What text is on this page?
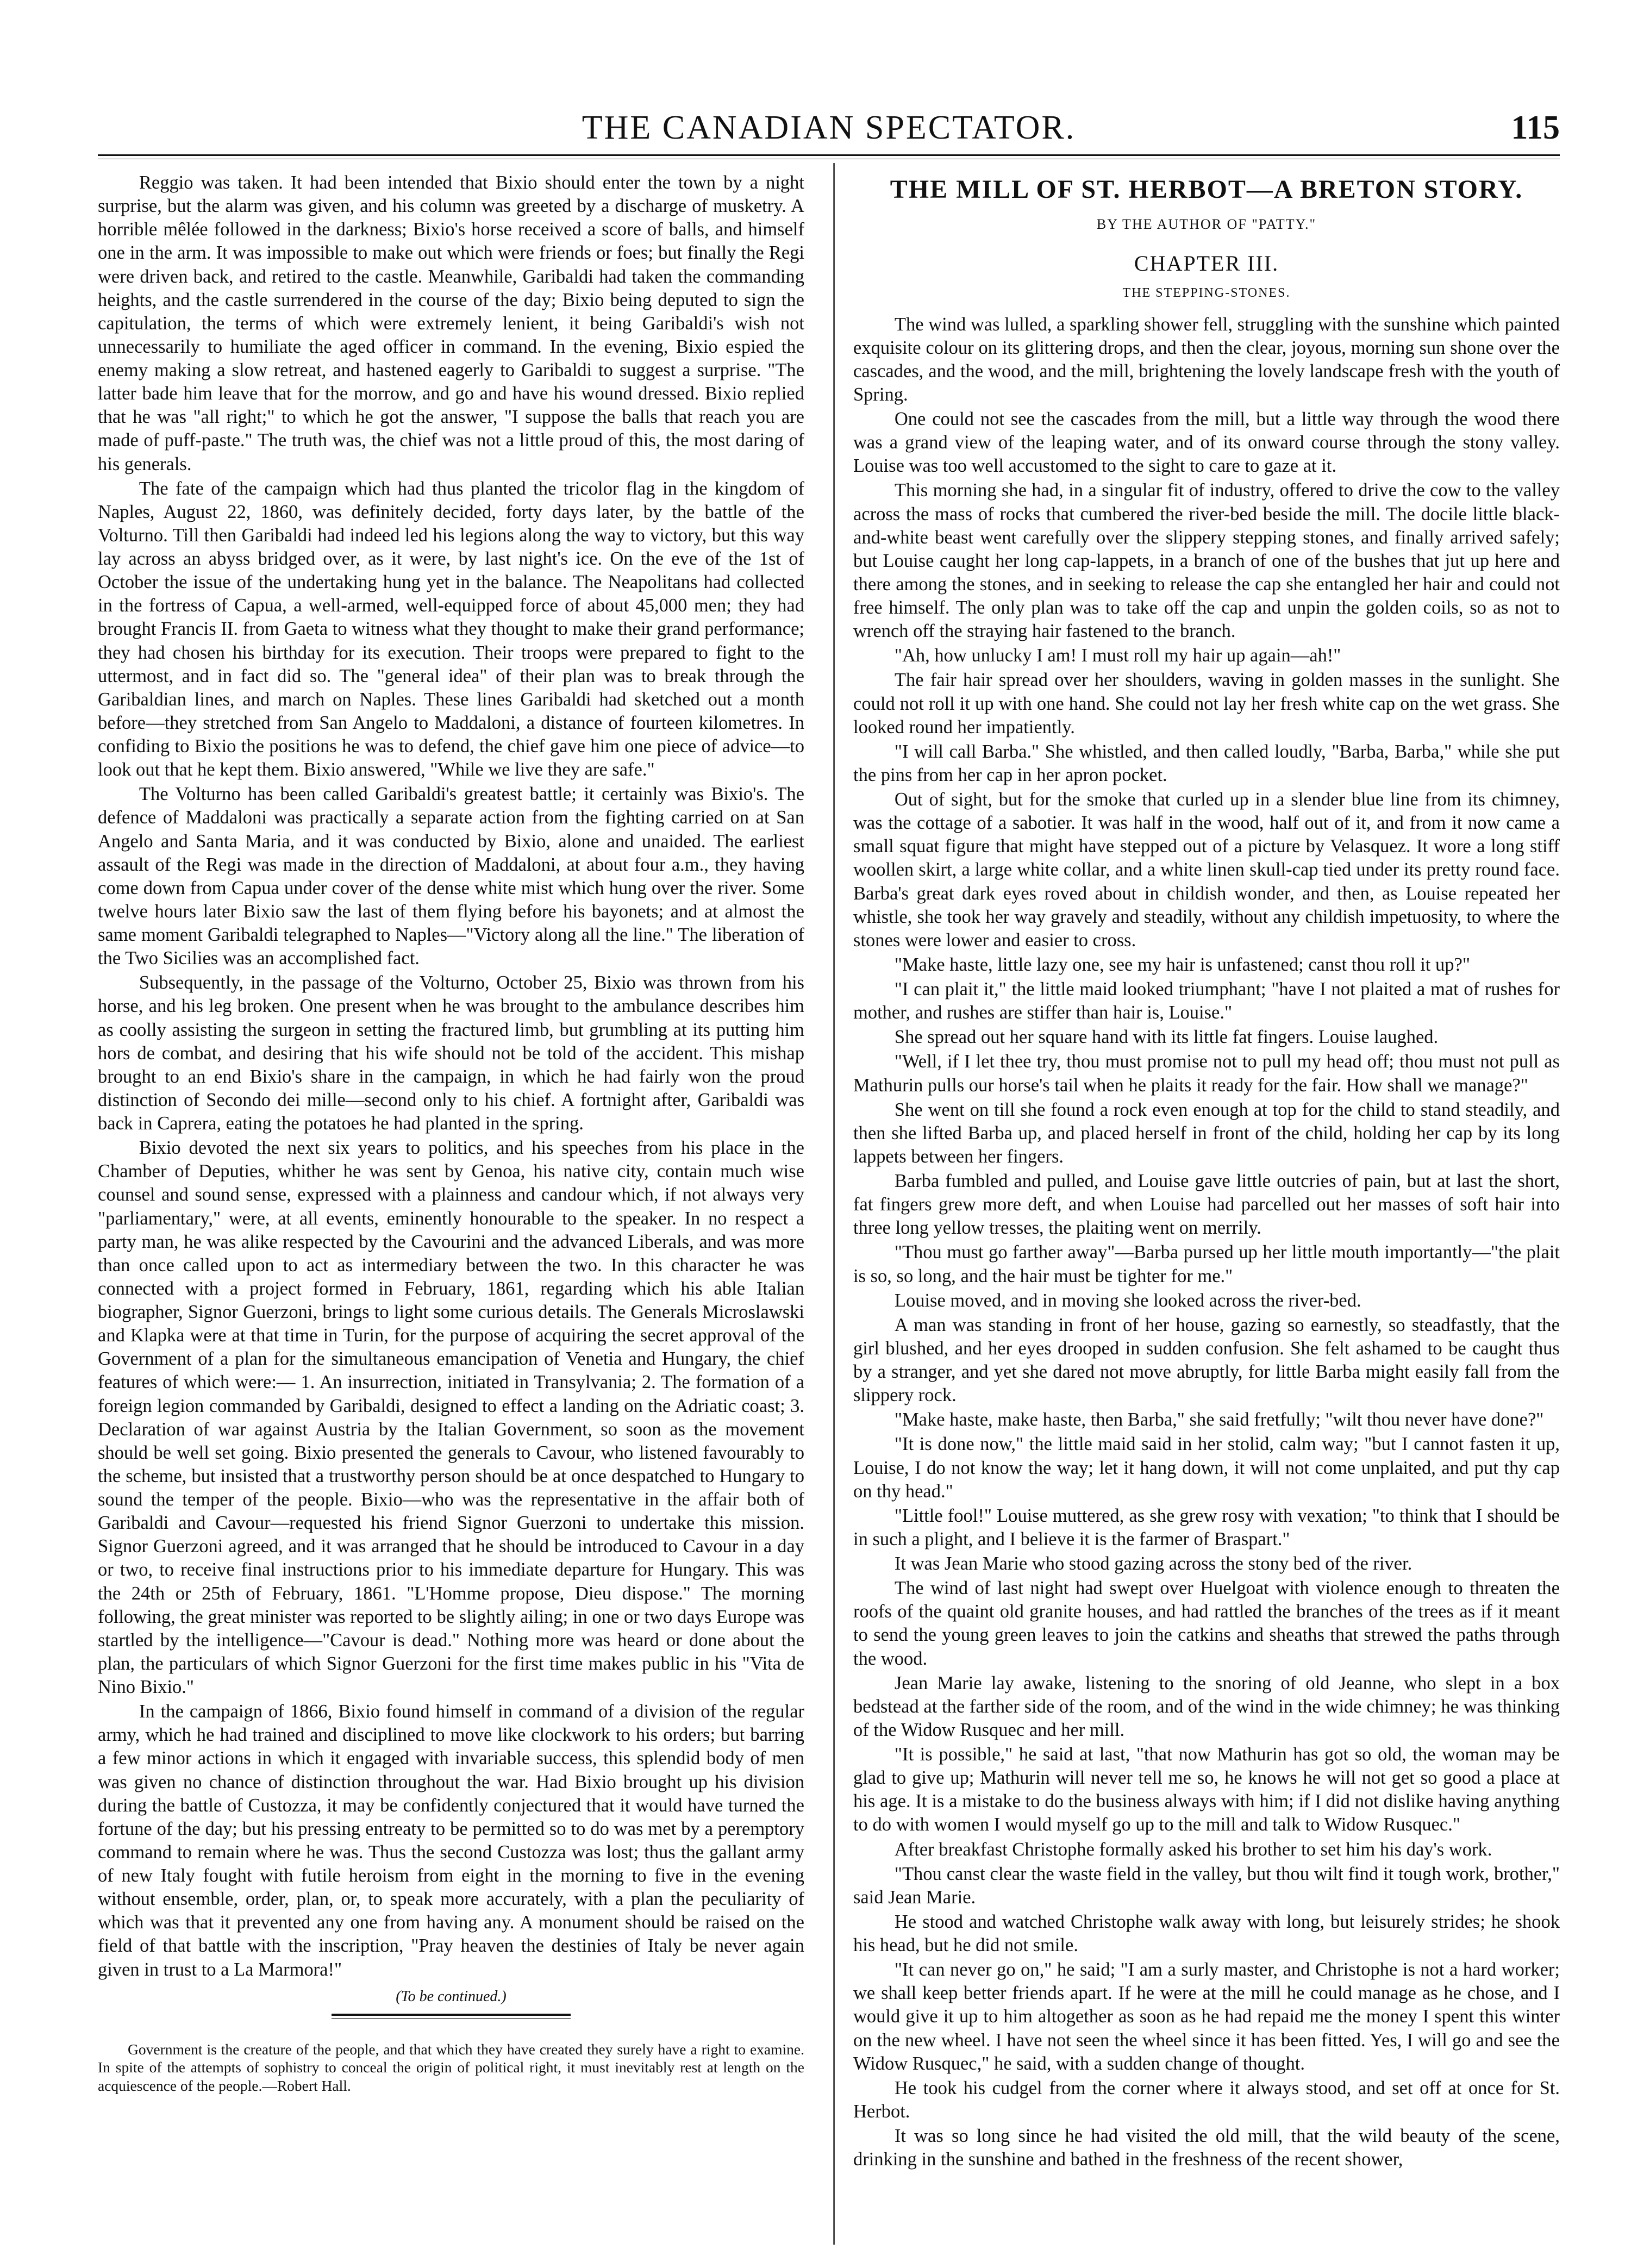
THE CANADIAN SPECTATOR.	115

Reggio was taken. It had been intended that Bixio should enter the town by a night surprise, but the alarm was given, and his column was greeted by a discharge of musketry. A horrible mêlée followed in the darkness; Bixio's horse received a score of balls, and himself one in the arm. It was impossible to make out which were friends or foes; but finally the Regi were driven back, and retired to the castle. Meanwhile, Garibaldi had taken the commanding heights, and the castle surrendered in the course of the day; Bixio being deputed to sign the capitulation, the terms of which were extremely lenient, it being Garibaldi's wish not unnecessarily to humiliate the aged officer in command. In the evening, Bixio espied the enemy making a slow retreat, and hastened eagerly to Garibaldi to suggest a surprise. "The latter bade him leave that for the morrow, and go and have his wound dressed. Bixio replied that he was "all right;" to which he got the answer, "I suppose the balls that reach you are made of puff-paste." The truth was, the chief was not a little proud of this, the most daring of his generals.

The fate of the campaign which had thus planted the tricolor flag in the kingdom of Naples, August 22, 1860, was definitely decided, forty days later, by the battle of the Volturno. Till then Garibaldi had indeed led his legions along the way to victory, but this way lay across an abyss bridged over, as it were, by last night's ice. On the eve of the 1st of October the issue of the undertaking hung yet in the balance. The Neapolitans had collected in the fortress of Capua, a well-armed, well-equipped force of about 45,000 men; they had brought Francis II. from Gaeta to witness what they thought to make their grand performance; they had chosen his birthday for its execution. Their troops were prepared to fight to the uttermost, and in fact did so. The "general idea" of their plan was to break through the Garibaldian lines, and march on Naples. These lines Garibaldi had sketched out a month before—they stretched from San Angelo to Maddaloni, a distance of fourteen kilometres. In confiding to Bixio the positions he was to defend, the chief gave him one piece of advice—to look out that he kept them. Bixio answered, "While we live they are safe."

The Volturno has been called Garibaldi's greatest battle; it certainly was Bixio's. The defence of Maddaloni was practically a separate action from the fighting carried on at San Angelo and Santa Maria, and it was conducted by Bixio, alone and unaided. The earliest assault of the Regi was made in the direction of Maddaloni, at about four a.m., they having come down from Capua under cover of the dense white mist which hung over the river. Some twelve hours later Bixio saw the last of them flying before his bayonets; and at almost the same moment Garibaldi telegraphed to Naples—"Victory along all the line." The liberation of the Two Sicilies was an accomplished fact.

Subsequently, in the passage of the Volturno, October 25, Bixio was thrown from his horse, and his leg broken. One present when he was brought to the ambulance describes him as coolly assisting the surgeon in setting the fractured limb, but grumbling at its putting him hors de combat, and desiring that his wife should not be told of the accident. This mishap brought to an end Bixio's share in the campaign, in which he had fairly won the proud distinction of Secondo dei mille—second only to his chief. A fortnight after, Garibaldi was back in Caprera, eating the potatoes he had planted in the spring.

Bixio devoted the next six years to politics, and his speeches from his place in the Chamber of Deputies, whither he was sent by Genoa, his native city, contain much wise counsel and sound sense, expressed with a plainness and candour which, if not always very "parliamentary," were, at all events, eminently honourable to the speaker. In no respect a party man, he was alike respected by the Cavourini and the advanced Liberals, and was more than once called upon to act as intermediary between the two. In this character he was connected with a project formed in February, 1861, regarding which his able Italian biographer, Signor Guerzoni, brings to light some curious details. The Generals Microslawski and Klapka were at that time in Turin, for the purpose of acquiring the secret approval of the Government of a plan for the simultaneous emancipation of Venetia and Hungary, the chief features of which were:— 1. An insurrection, initiated in Transylvania; 2. The formation of a foreign legion commanded by Garibaldi, designed to effect a landing on the Adriatic coast; 3. Declaration of war against Austria by the Italian Government, so soon as the movement should be well set going. Bixio presented the generals to Cavour, who listened favourably to the scheme, but insisted that a trustworthy person should be at once despatched to Hungary to sound the temper of the people. Bixio—who was the representative in the affair both of Garibaldi and Cavour—requested his friend Signor Guerzoni to undertake this mission. Signor Guerzoni agreed, and it was arranged that he should be introduced to Cavour in a day or two, to receive final instructions prior to his immediate departure for Hungary. This was the 24th or 25th of February, 1861. "L'Homme propose, Dieu dispose." The morning following, the great minister was reported to be slightly ailing; in one or two days Europe was startled by the intelligence—"Cavour is dead." Nothing more was heard or done about the plan, the particulars of which Signor Guerzoni for the first time makes public in his "Vita de Nino Bixio."

In the campaign of 1866, Bixio found himself in command of a division of the regular army, which he had trained and disciplined to move like clockwork to his orders; but barring a few minor actions in which it engaged with invariable success, this splendid body of men was given no chance of distinction throughout the war. Had Bixio brought up his division during the battle of Custozza, it may be confidently conjectured that it would have turned the fortune of the day; but his pressing entreaty to be permitted so to do was met by a peremptory command to remain where he was. Thus the second Custozza was lost; thus the gallant army of new Italy fought with futile heroism from eight in the morning to five in the evening without ensemble, order, plan, or, to speak more accurately, with a plan the peculiarity of which was that it prevented any one from having any. A monument should be raised on the field of that battle with the inscription, "Pray heaven the destinies of Italy be never again given in trust to a La Marmora!"

(To be continued.)

Government is the creature of the people, and that which they have created they surely have a right to examine. In spite of the attempts of sophistry to conceal the origin of political right, it must inevitably rest at length on the acquiescence of the people.—Robert Hall.

THE MILL OF ST. HERBOT—A BRETON STORY.
BY THE AUTHOR OF "PATTY."
CHAPTER III.
THE STEPPING-STONES.

The wind was lulled, a sparkling shower fell, struggling with the sunshine which painted exquisite colour on its glittering drops, and then the clear, joyous, morning sun shone over the cascades, and the wood, and the mill, brightening the lovely landscape fresh with the youth of Spring.

One could not see the cascades from the mill, but a little way through the wood there was a grand view of the leaping water, and of its onward course through the stony valley. Louise was too well accustomed to the sight to care to gaze at it.

This morning she had, in a singular fit of industry, offered to drive the cow to the valley across the mass of rocks that cumbered the river-bed beside the mill. The docile little black-and-white beast went carefully over the slippery stepping stones, and finally arrived safely; but Louise caught her long cap-lappets, in a branch of one of the bushes that jut up here and there among the stones, and in seeking to release the cap she entangled her hair and could not free himself. The only plan was to take off the cap and unpin the golden coils, so as not to wrench off the straying hair fastened to the branch.

"Ah, how unlucky I am! I must roll my hair up again—ah!"

The fair hair spread over her shoulders, waving in golden masses in the sunlight. She could not roll it up with one hand. She could not lay her fresh white cap on the wet grass. She looked round her impatiently.

"I will call Barba." She whistled, and then called loudly, "Barba, Barba," while she put the pins from her cap in her apron pocket.

Out of sight, but for the smoke that curled up in a slender blue line from its chimney, was the cottage of a sabotier. It was half in the wood, half out of it, and from it now came a small squat figure that might have stepped out of a picture by Velasquez. It wore a long stiff woollen skirt, a large white collar, and a white linen skull-cap tied under its pretty round face. Barba's great dark eyes roved about in childish wonder, and then, as Louise repeated her whistle, she took her way gravely and steadily, without any childish impetuosity, to where the stones were lower and easier to cross.

"Make haste, little lazy one, see my hair is unfastened; canst thou roll it up?"

"I can plait it," the little maid looked triumphant; "have I not plaited a mat of rushes for mother, and rushes are stiffer than hair is, Louise."

She spread out her square hand with its little fat fingers. Louise laughed.

"Well, if I let thee try, thou must promise not to pull my head off; thou must not pull as Mathurin pulls our horse's tail when he plaits it ready for the fair. How shall we manage?"

She went on till she found a rock even enough at top for the child to stand steadily, and then she lifted Barba up, and placed herself in front of the child, holding her cap by its long lappets between her fingers.

Barba fumbled and pulled, and Louise gave little outcries of pain, but at last the short, fat fingers grew more deft, and when Louise had parcelled out her masses of soft hair into three long yellow tresses, the plaiting went on merrily.

"Thou must go farther away"—Barba pursed up her little mouth importantly—"the plait is so, so long, and the hair must be tighter for me."

Louise moved, and in moving she looked across the river-bed.

A man was standing in front of her house, gazing so earnestly, so steadfastly, that the girl blushed, and her eyes drooped in sudden confusion. She felt ashamed to be caught thus by a stranger, and yet she dared not move abruptly, for little Barba might easily fall from the slippery rock.

"Make haste, make haste, then Barba," she said fretfully; "wilt thou never have done?"

"It is done now," the little maid said in her stolid, calm way; "but I cannot fasten it up, Louise, I do not know the way; let it hang down, it will not come unplaited, and put thy cap on thy head."

"Little fool!" Louise muttered, as she grew rosy with vexation; "to think that I should be in such a plight, and I believe it is the farmer of Braspart."

It was Jean Marie who stood gazing across the stony bed of the river.

The wind of last night had swept over Huelgoat with violence enough to threaten the roofs of the quaint old granite houses, and had rattled the branches of the trees as if it meant to send the young green leaves to join the catkins and sheaths that strewed the paths through the wood.

Jean Marie lay awake, listening to the snoring of old Jeanne, who slept in a box bedstead at the farther side of the room, and of the wind in the wide chimney; he was thinking of the Widow Rusquec and her mill.

"It is possible," he said at last, "that now Mathurin has got so old, the woman may be glad to give up; Mathurin will never tell me so, he knows he will not get so good a place at his age. It is a mistake to do the business always with him; if I did not dislike having anything to do with women I would myself go up to the mill and talk to Widow Rusquec."

After breakfast Christophe formally asked his brother to set him his day's work.

"Thou canst clear the waste field in the valley, but thou wilt find it tough work, brother," said Jean Marie.

He stood and watched Christophe walk away with long, but leisurely strides; he shook his head, but he did not smile.

"It can never go on," he said; "I am a surly master, and Christophe is not a hard worker; we shall keep better friends apart. If he were at the mill he could manage as he chose, and I would give it up to him altogether as soon as he had repaid me the money I spent this winter on the new wheel. I have not seen the wheel since it has been fitted. Yes, I will go and see the Widow Rusquec," he said, with a sudden change of thought.

He took his cudgel from the corner where it always stood, and set off at once for St. Herbot.

It was so long since he had visited the old mill, that the wild beauty of the scene, drinking in the sunshine and bathed in the freshness of the recent shower,
